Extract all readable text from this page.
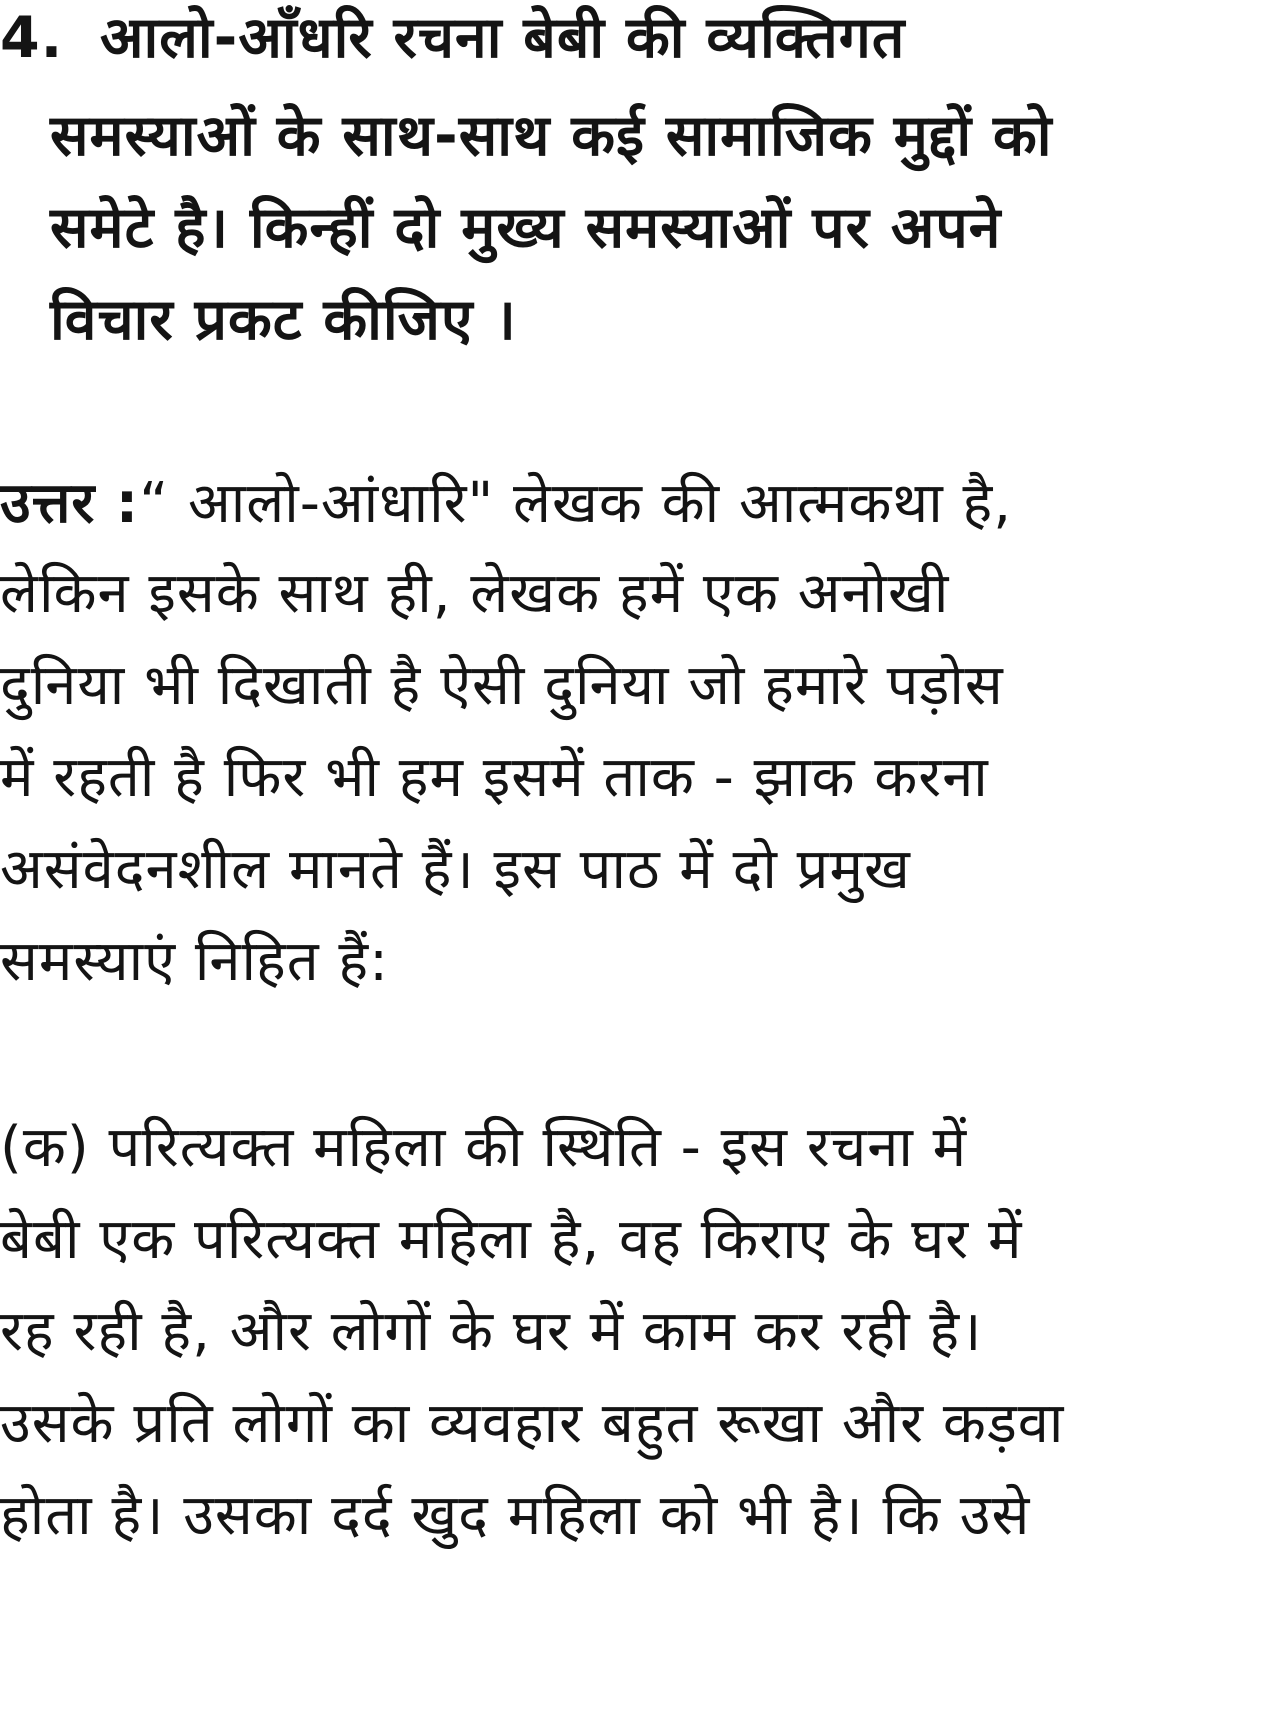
4. आलो-आँधरि रचना बेबी की व्यक्तिगत
समस्याओं के साथ-साथ कई सामाजिक मुद्दों को
समेटे है। किन्हीं दो मुख्य समस्याओं पर अपने
विचार प्रकट कीजिए ।
उत्तर :“ आलो-आंधारि" लेखक की आत्मकथा है,
लेकिन इसके साथ ही, लेखक हमें एक अनोखी
दुनिया भी दिखाती है ऐसी दुनिया जो हमारे पड़ोस
में रहती है फिर भी हम इसमें ताक - झाक करना
असंवेदनशील मानते हैं। इस पाठ में दो प्रमुख
समस्याएं निहित हैं:
(क) परित्यक्त महिला की स्थिति - इस रचना में
बेबी एक परित्यक्त महिला है, वह किराए के घर में
रह रही है, और लोगों के घर में काम कर रही है।
उसके प्रति लोगों का व्यवहार बहुत रूखा और कड़वा
होता है। उसका दर्द खुद महिला को भी है। कि उसे
